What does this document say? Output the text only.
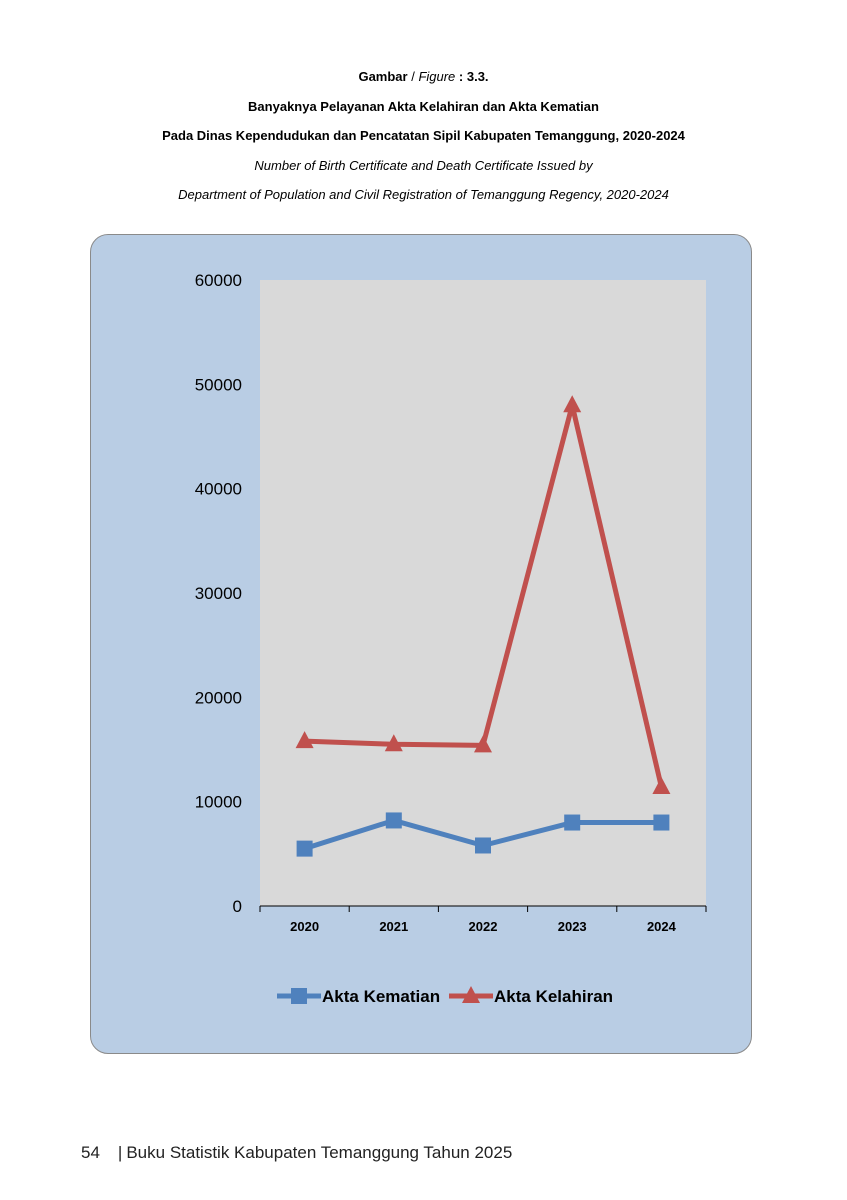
Gambar / Figure : 3.3.
Banyaknya Pelayanan Akta Kelahiran dan Akta Kematian
Pada Dinas Kependudukan dan Pencatatan Sipil Kabupaten Temanggung, 2020-2024
Number of Birth Certificate and Death Certificate Issued by
Department of Population and Civil Registration of Temanggung Regency, 2020-2024
0
10000
20000
30000
40000
50000
60000
2020	2021	2022	2023	2024
Akta Kematian	Akta Kelahiran
54 | Buku Statistik Kabupaten Temanggung Tahun 2025
